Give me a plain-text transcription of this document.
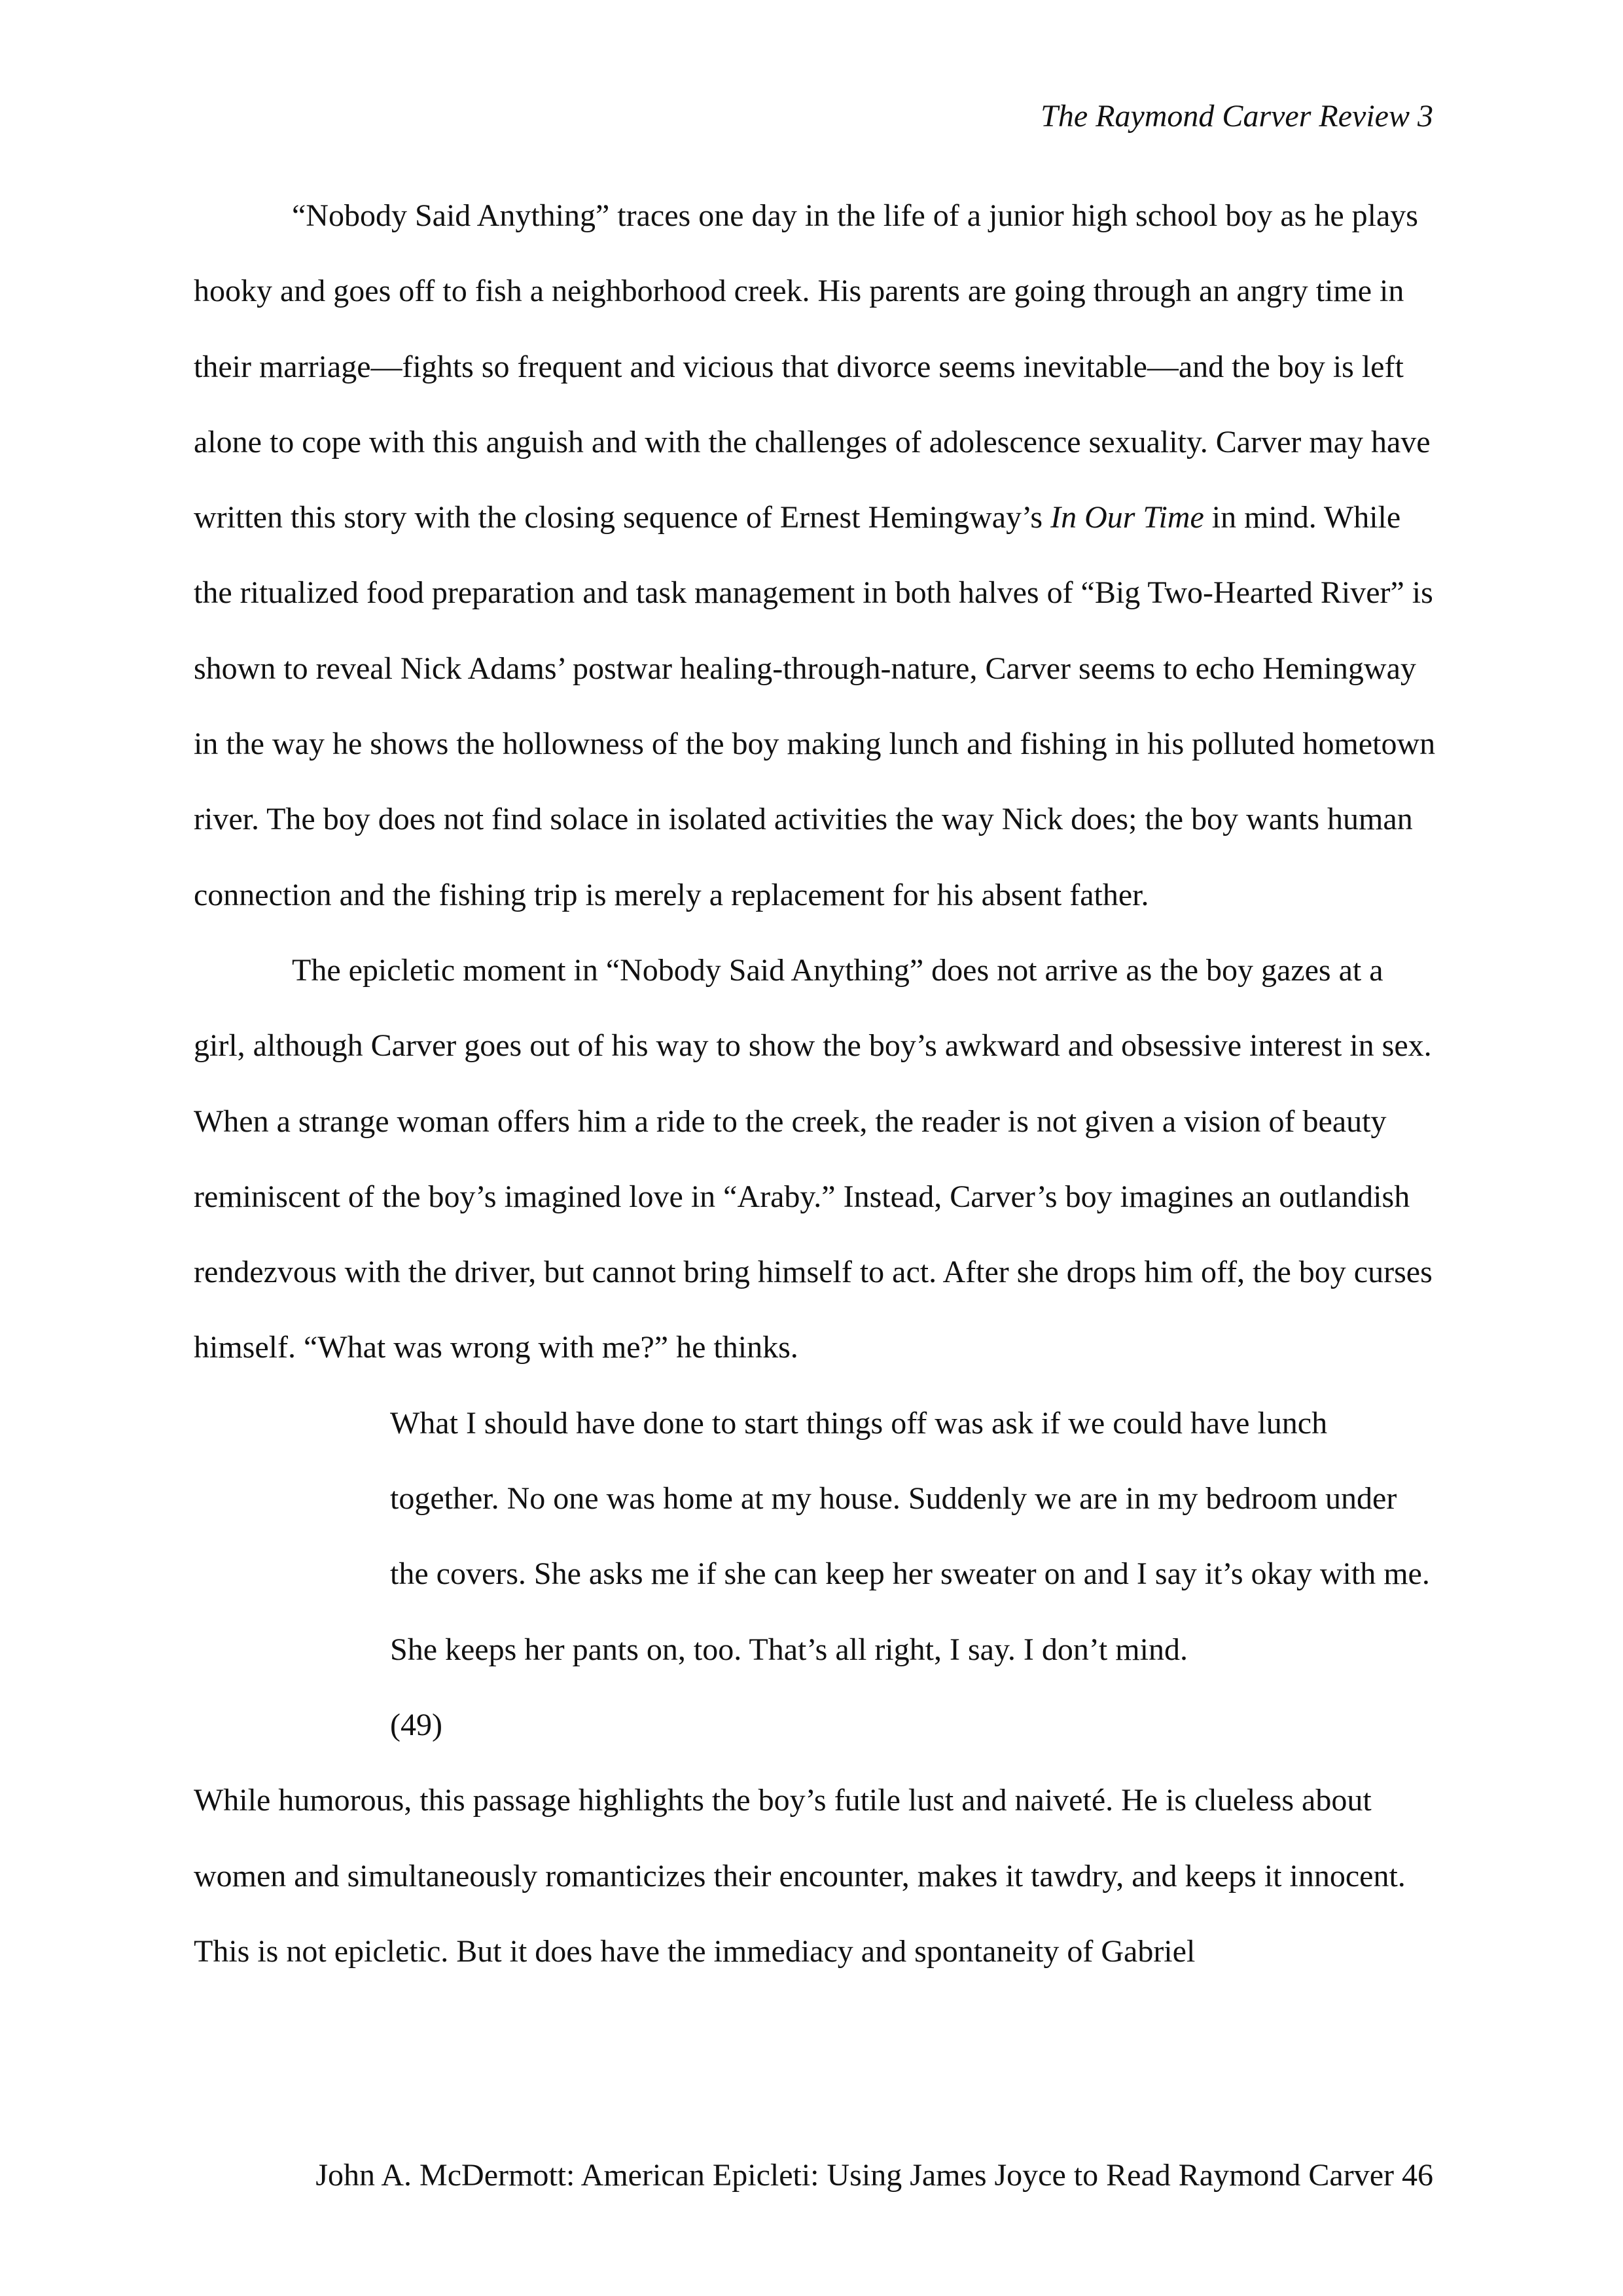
The Raymond Carver Review 3

“Nobody Said Anything” traces one day in the life of a junior high school boy as he plays hooky and goes off to fish a neighborhood creek. His parents are going through an angry time in their marriage—fights so frequent and vicious that divorce seems inevitable—and the boy is left alone to cope with this anguish and with the challenges of adolescence sexuality. Carver may have written this story with the closing sequence of Ernest Hemingway’s In Our Time in mind. While the ritualized food preparation and task management in both halves of “Big Two-Hearted River” is shown to reveal Nick Adams’ postwar healing-through-nature, Carver seems to echo Hemingway in the way he shows the hollowness of the boy making lunch and fishing in his polluted hometown river. The boy does not find solace in isolated activities the way Nick does; the boy wants human connection and the fishing trip is merely a replacement for his absent father.

The epicletic moment in “Nobody Said Anything” does not arrive as the boy gazes at a girl, although Carver goes out of his way to show the boy’s awkward and obsessive interest in sex. When a strange woman offers him a ride to the creek, the reader is not given a vision of beauty reminiscent of the boy’s imagined love in “Araby.” Instead, Carver’s boy imagines an outlandish rendezvous with the driver, but cannot bring himself to act. After she drops him off, the boy curses himself. “What was wrong with me?” he thinks.

What I should have done to start things off was ask if we could have lunch together. No one was home at my house. Suddenly we are in my bedroom under the covers. She asks me if she can keep her sweater on and I say it’s okay with me. She keeps her pants on, too. That’s all right, I say. I don’t mind.
(49)

While humorous, this passage highlights the boy’s futile lust and naiveté. He is clueless about women and simultaneously romanticizes their encounter, makes it tawdry, and keeps it innocent. This is not epicletic. But it does have the immediacy and spontaneity of Gabriel

John A. McDermott: American Epicleti: Using James Joyce to Read Raymond Carver 46
